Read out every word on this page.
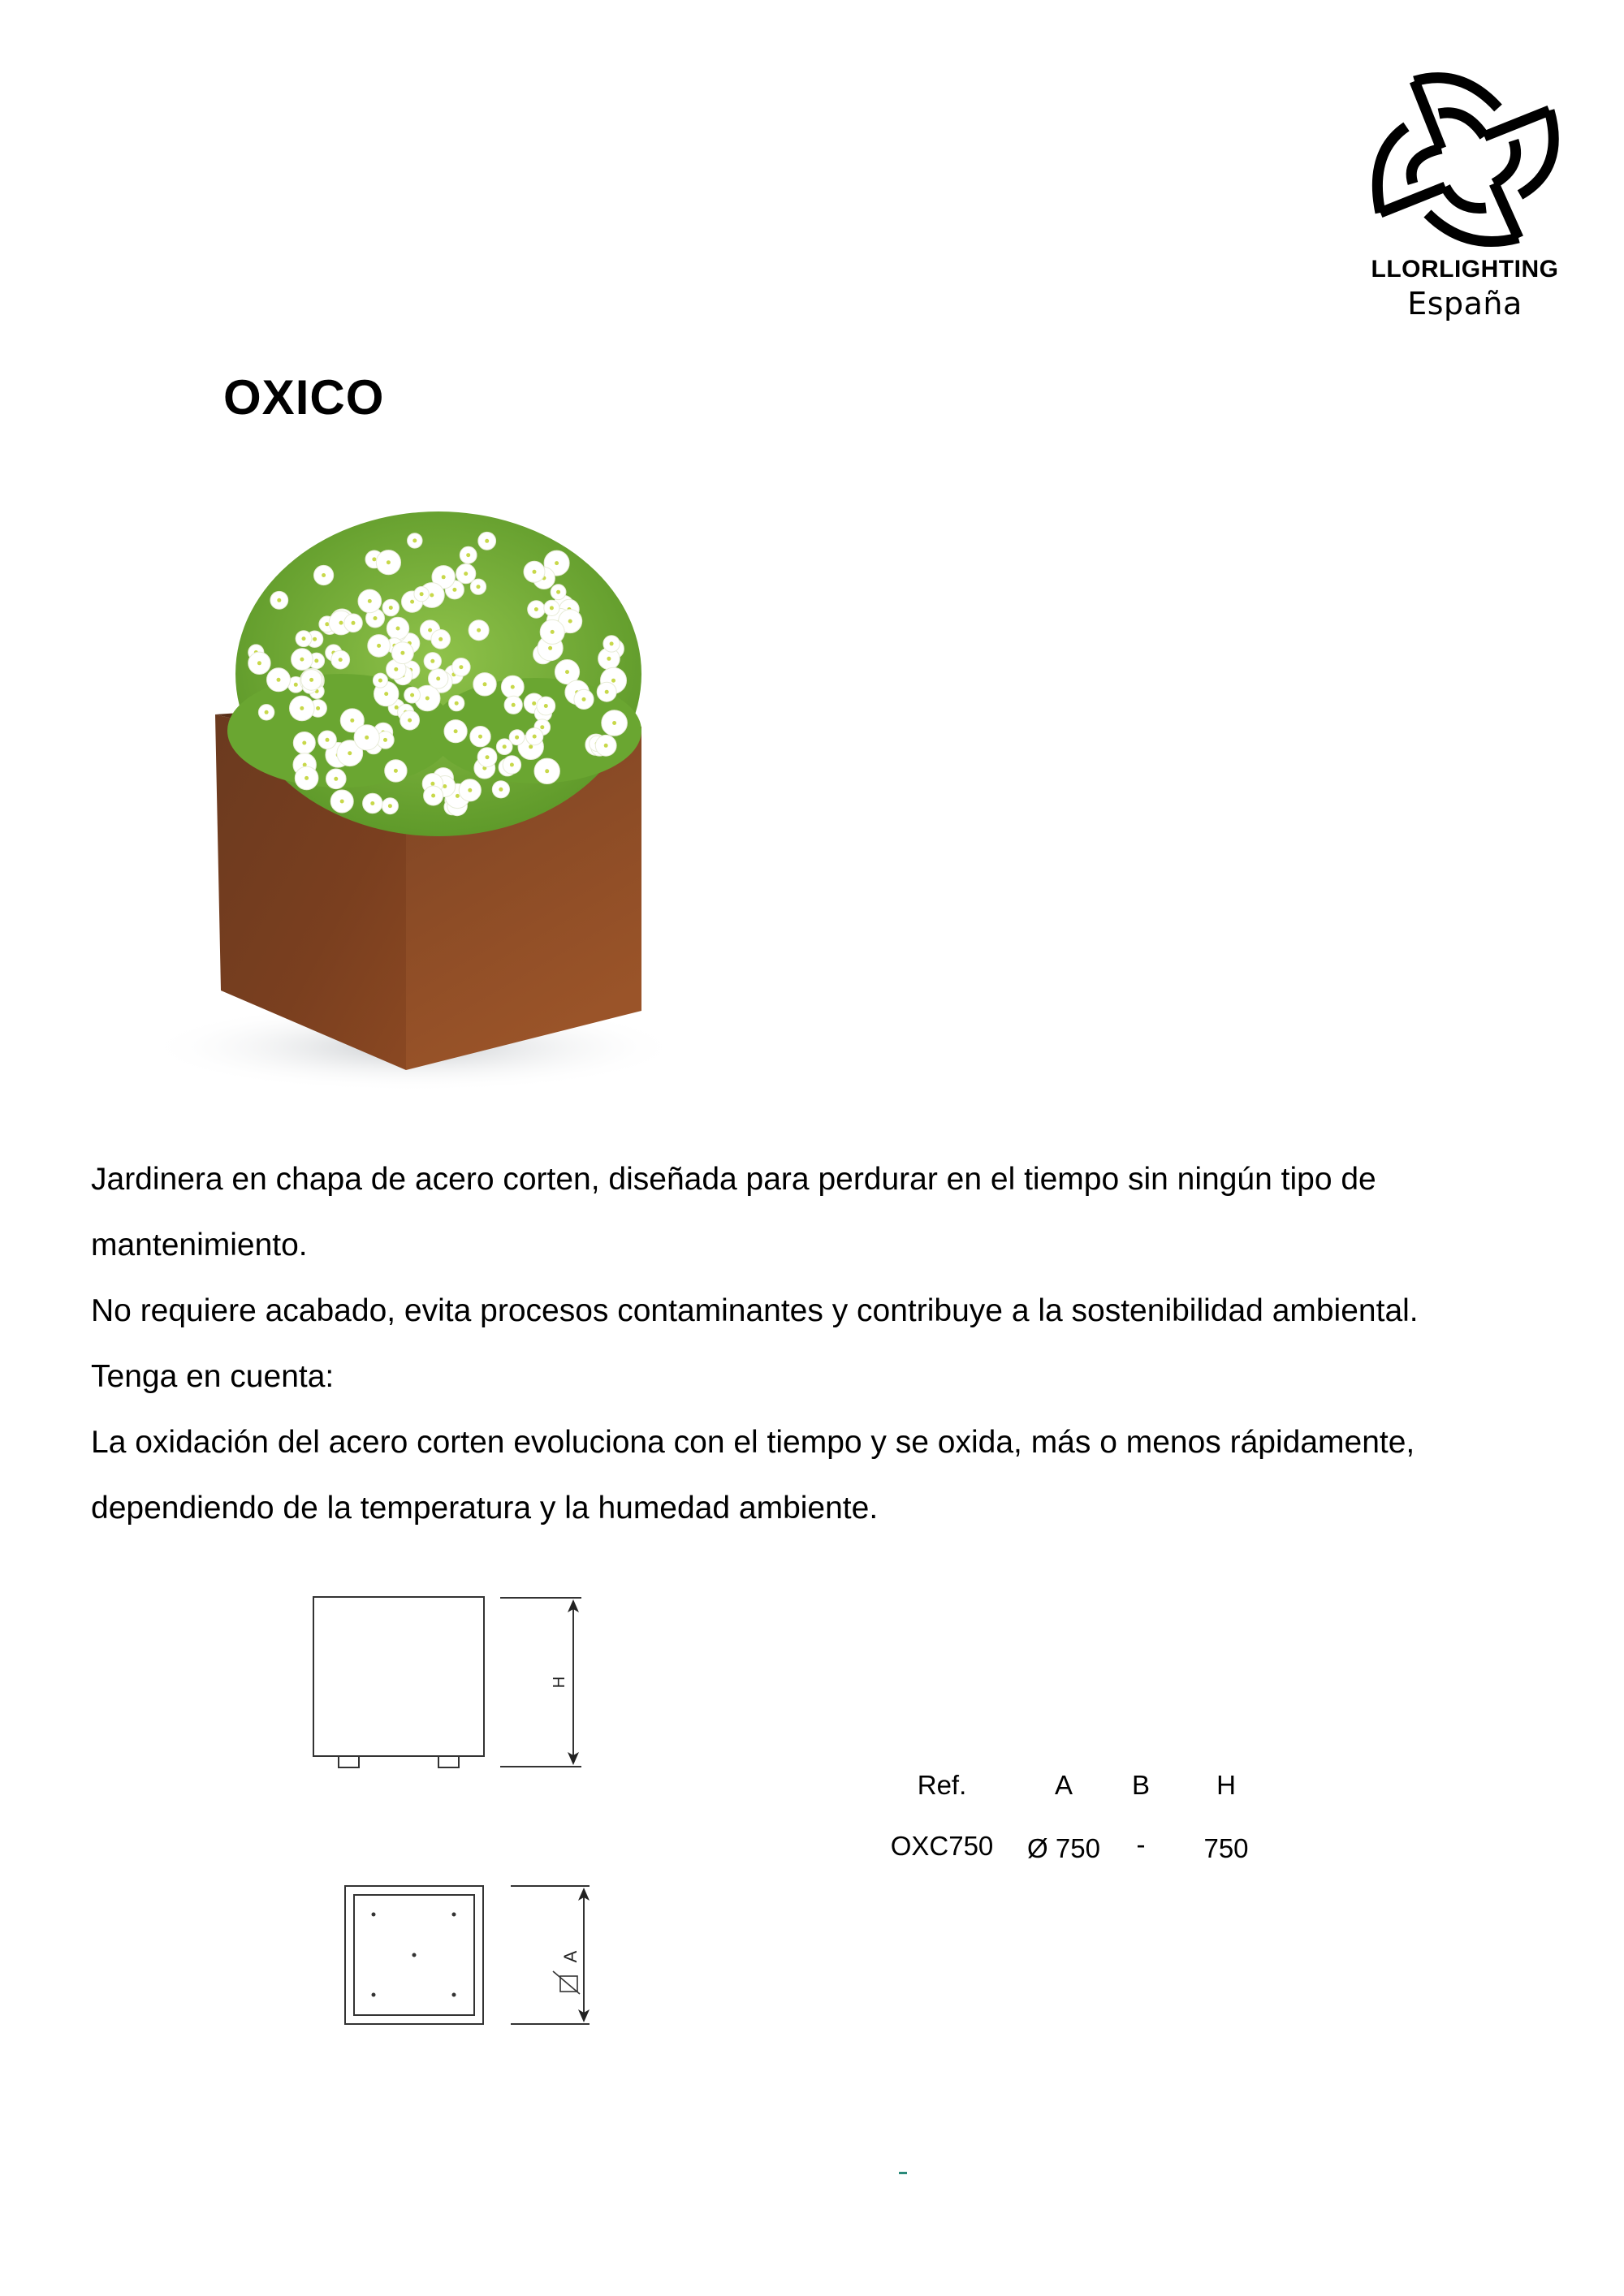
LLORLIGHTING
España
OXICO

Jardinera en chapa de acero corten, diseñada para perdurar en el tiempo sin ningún tipo de mantenimiento.

No requiere acabado, evita procesos contaminantes y contribuye a la sostenibilidad ambiental.

Tenga en cuenta:

La oxidación del acero corten evoluciona con el tiempo y se oxida, más o menos rápidamente, dependiendo de la temperatura y la humedad ambiente.

H
A
Ref.	A	B	H
OXC750	Ø 750	-	750
